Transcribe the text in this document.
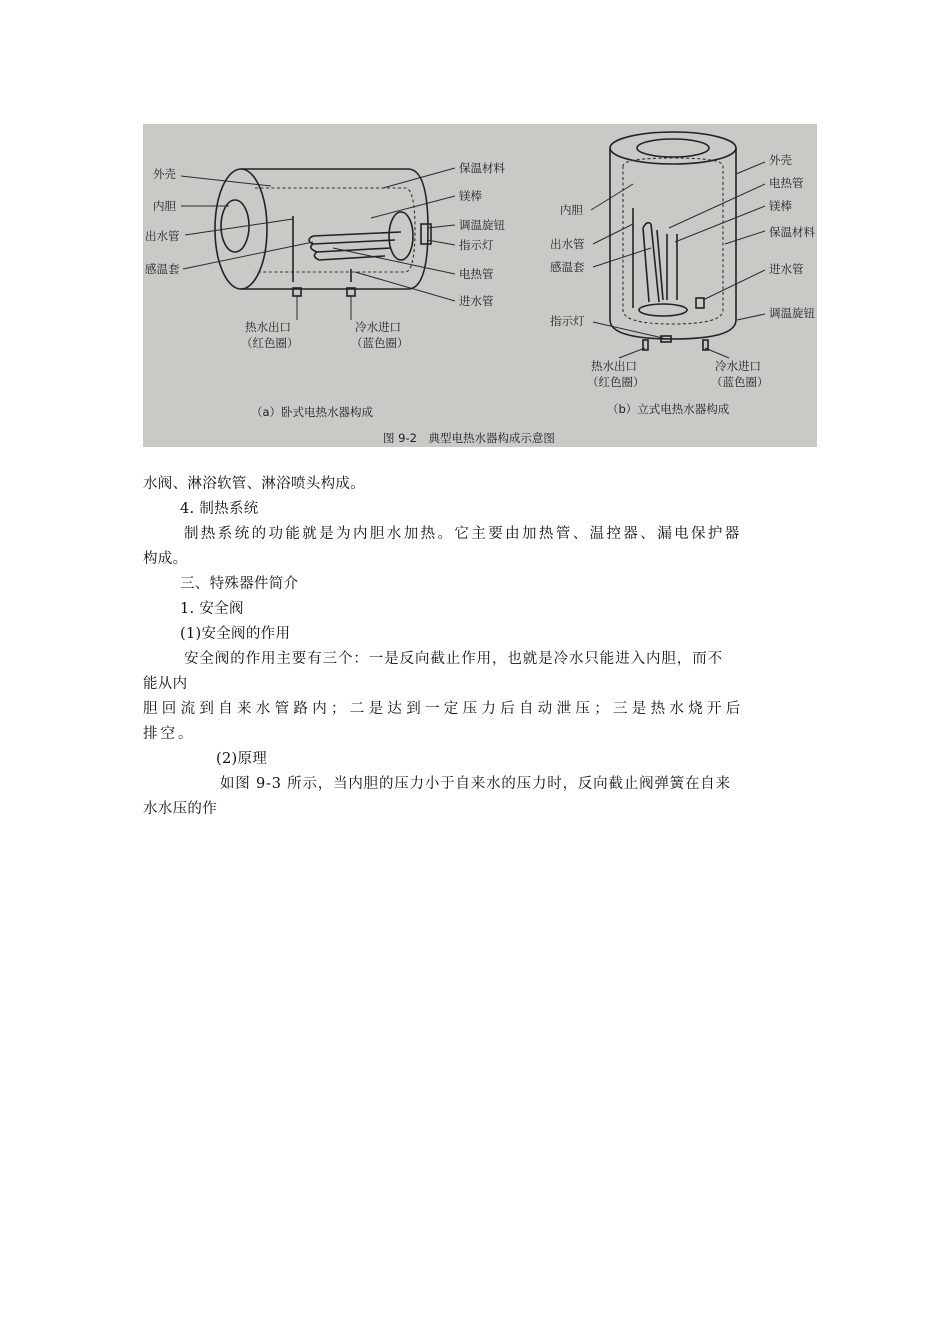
外壳
内胆
出水管
感温套
保温材料
镁棒
调温旋钮
指示灯
电热管
进水管
热水出口
（红色圈）
冷水进口
（蓝色圈）
（a）卧式电热水器构成
外壳
电热管
内胆	镁棒
保温材料
出水管
感温套	进水管
指示灯
调温旋钮
热水出口
（红色圈）
冷水进口
（蓝色圈）
（b）立式电热水器构成
图 9-2　典型电热水器构成示意图
水阀、淋浴软管、淋浴喷头构成。
4. 制热系统
制热系统的功能就是为内胆水加热。它主要由加热管、温控器、漏电保护器
构成。
三、特殊器件简介
1. 安全阀
(1)安全阀的作用
安全阀的作用主要有三个：一是反向截止作用，也就是冷水只能进入内胆，而不
能从内
胆回流到自来水管路内；二是达到一定压力后自动泄压；三是热水烧开后
排空。
(2)原理
如图 9-3 所示，当内胆的压力小于自来水的压力时，反向截止阀弹簧在自来
水水压的作
